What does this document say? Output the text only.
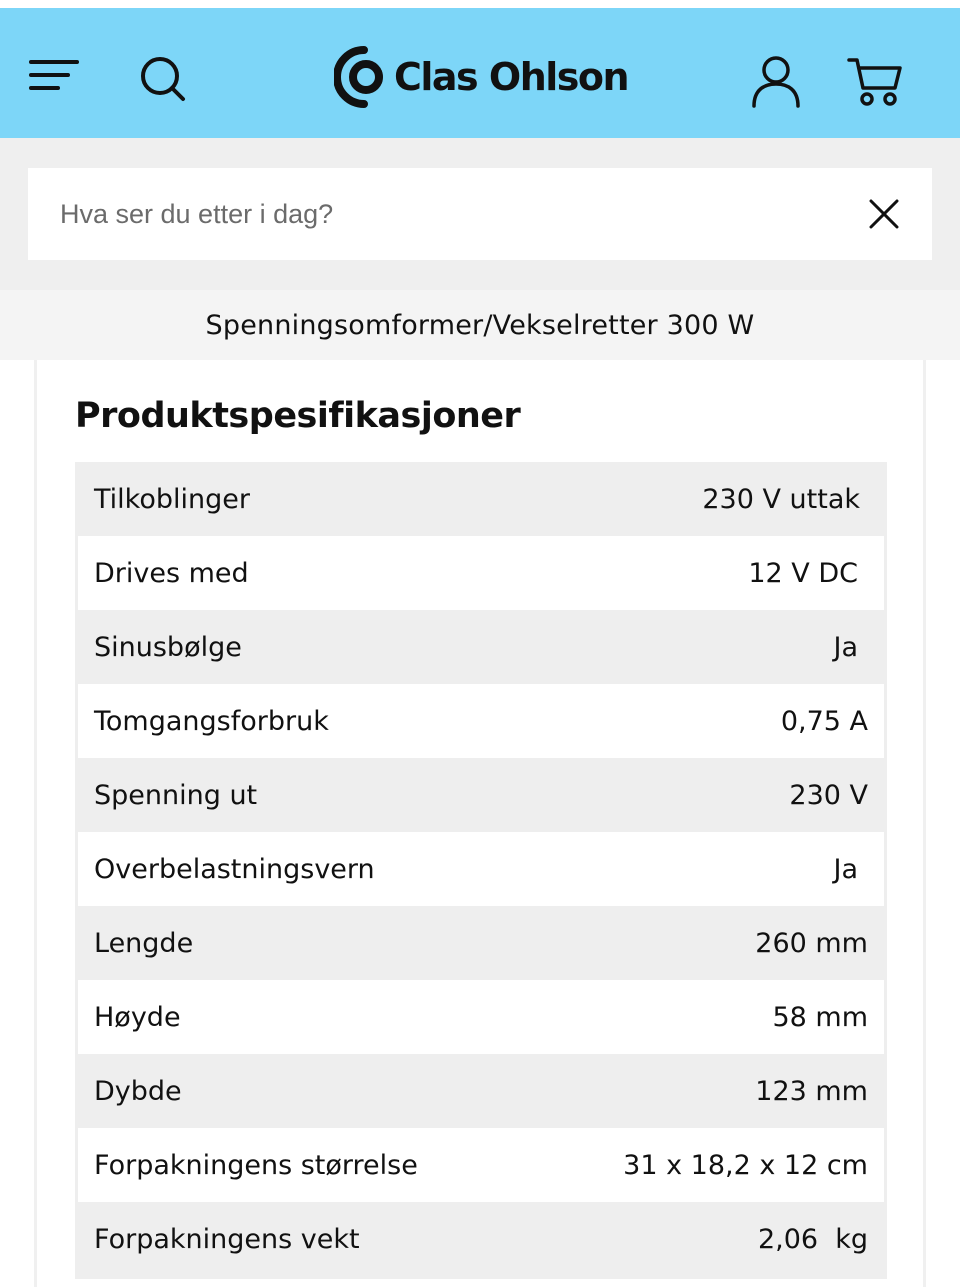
Clas Ohlson
Hva ser du etter i dag?
Spenningsomformer/Vekselretter 300 W
Produktspesifikasjoner
Tilkoblinger	230 V uttak
Drives med	12 V DC
Sinusbølge	Ja
Tomgangsforbruk	0,75 A
Spenning ut	230 V
Overbelastningsvern	Ja
Lengde	260 mm
Høyde	58 mm
Dybde	123 mm
Forpakningens størrelse	31 x 18,2 x 12 cm
Forpakningens vekt	2,06  kg
